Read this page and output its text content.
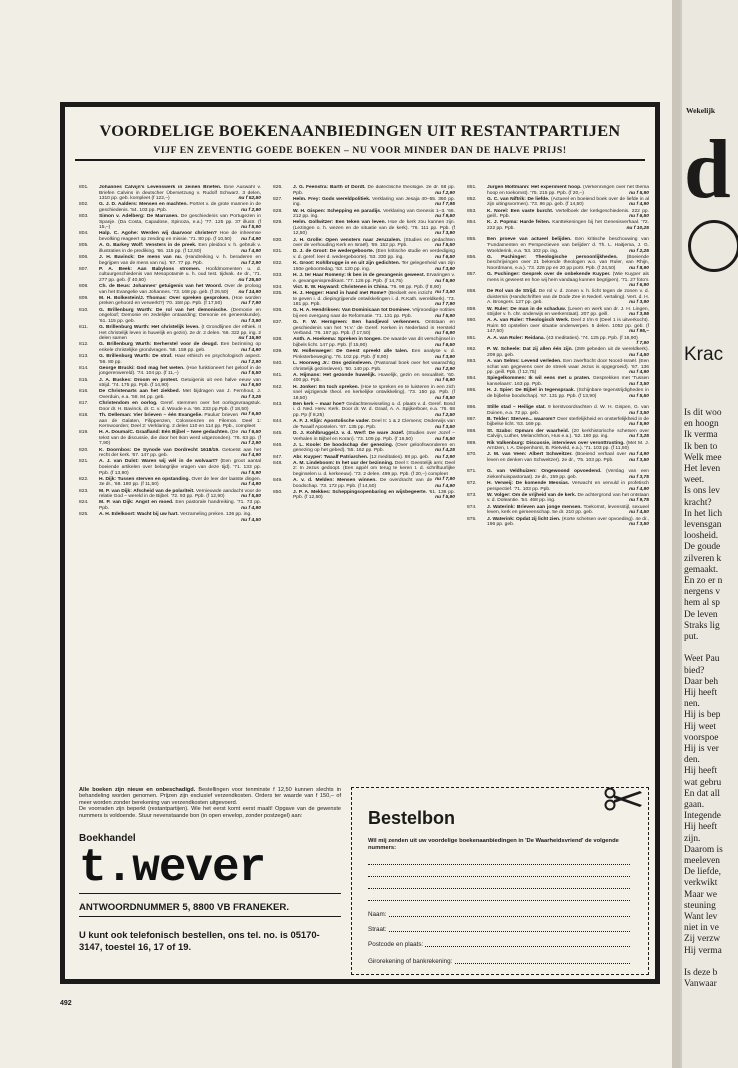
VOORDELIGE BOEKENAANBIEDINGEN UIT RESTANTPARTIJEN
VIJF EN ZEVENTIG GOEDE BOEKEN – NU VOOR MINDER DAN DE HALVE PRIJS!
801. Johannes Calvijn's Levenswerk in zeinen Briefen. Eine Auswahl v. Briefen Calvins in deutscher Übersetzung v. Rudolf Schwarz. 3 delen, 1310 pp. geb. kompleet (f 122,–)	nu f 52,50
802. G. J. D. Aalders: Mensen en machten. Portret v. de grote mannen in de geschiedenis. '54. 103 pp. Ppb.	nu f 2,90
803. Simon v. Adelberg: De Marranen. De geschiedenis van Portugezen in Spanje. (Da Costa, Capadose, Spinoza, e.a.) '77. 125 pp. 37 illustr. (f 15,–)	nu f 5,90
804. Halp. C. Agohe: Werden wij daarvoor christen? Hoe de inheemse bevolking reageert op zending en missie. '71. 80 pp. (f 10,50)	nu f 4,90
805. A. G. Barkey Wolf: Vensters in de preek. Een pleidooi v. h. gebruik v. illustraties in de prediking. '66. 115 pp. (f 12,50)	nu f 4,90
806. J. H. Bavinck: De mens van nu. (Handreiking v. h. beraderen en begrijpen van de mens van nu). '67. 77 pp. Ppb.	nu f 2,90
807. P. A. Beek: Aan Babylons stromen. Hoofdmomenten u. d. cultuurgeschiedenis van Mesopotamië u. h. oud test. tijdvak. 4e dr., '71. 277 pp. geb. (f 40,50)	nu f 25,50
808. Ch. de Beus: Johannes' getuigenis van het Woord. Over de proloog van het Evangelie van Johannes. '73. 168 pp. geb. (f 26,50)	nu f 14,90
809. M. H. Bolkestein/J. Thomas: Over spreken gesproken. (Hoe worden preken gehoord en verwerkt?) '70. 158 pp. Ppb. (f 17,50)	nu f 7,90
810. G. Brillenburg Wurth: De rol van het demonische. (Demonie en ongeloof; Demonie en zedelijke ontaarding; Demonie en geneeskunde). '61. 115 pp. geb.	nu f 3,90
811. G. Brillenburg Wurth: Het christelijk leven. (I Grondlijnen der ethiek. II Het christelijk leven in huwelijk en gezin). 2e dr. 2 delen. '66. 322 pp. ing. 2 delen samen	nu f 15,90
812. G. Brillenburg Wurth: Eerherstel voor de deugd. Een bezinning op enkele christelijke grondvragen. '58. 159 pp. geb.	nu f 4,90
813. G. Brillenburg Wurth: De straf. Haar ethisch en psychologisch aspect. '56. 80 pp.	nu f 2,90
814. George Brucki: God mag het weten. (Hoe funktioneert het geloof in de jongerenwereld). '74. 104 pp. (f 11,–)	nu f 5,50
815. J. A. Buskes: Droom en protest. Getuigenis uit een halve eeuw van strijd. '74. 175 pp. Ppb. (f 14,90)	nu f 6,50
816. De Christenarts aan het ziekbed. Met bijdragen van J. Fernhout, J. Overduin, e.a. '58. 84 pp. geb.	nu f 3,25
817. Christendom en oorlog. Geref. stemmen over het oorlogsvraagstuk. Door dr. H. Bavinck, dr. C. v. d. Woude e.a. '66. 233 pp.Ppb. (f 18,50)
nu f 6,50
818. Th. Delleman: Vier brieven – één Evangelie. Paulus' brieven aan de Galaten, Filippenzen, Colossenzen en Filemon. Deel 1: Kernwoorden; Deel 2: Verklaring. 2 delen 110 en 114 pp. Ppb., compleet
nu f 6,50
819. H. A. Douma/C. Graafland: Eén Bijbel – twee gedachten. (De tekst van de discussie, die door het Ikon werd uitgezonden). '76. 63 pp. (f 7,90)	nu f 2,90
820. K. Doornbos: De Synode van Dordrecht 1618/19. Getoetst aan het recht der kerk. '67. 147 pp. geb.	nu f 4,90
821. A. J. van Dulst: Waren wij wèl in de wolvaart? (Een groot aantal boeiende artikelen over belangrijke vragen van deze tijd). '71. 133 pp. Ppb. (f 13,90)	nu f 5,90
822. H. Dijk: Tussen sterven en opstanding. Over de leer der laatste dingen. 3e dr., '68. 180 pp. (f 11,50)	nu f 4,90
823. M. P. van Dijk: Afscheid van de polariteit. Vernieuwde aandacht voor de relatie God – wereld in de Bijbel. '72. 93 pp. Ppb. (f 12,90)	nu f 5,50
824. M. P. van Dijk: Angst en moed. Een pastorale handreiking. '71. 73 pp. Ppb.	nu f 4,90
825. A. H. Edelkoort: Wacht bij uw hart. Verzameling preken. 136 pp. ing.
nu f 4,50
826. J. G. Feenstra: Barth of Dordt. De dialectische theologie. 2e dr. 68 pp. Ppb.	nu f 2,90
827. Helm. Frey: Gods wereldpolitiek. Verklaring van Jesaja 40–55. 360 pp. ing.	nu f 7,95
828. W. H. Gispen: Schepping en paradijs. Verklaring van Genesis 1–3. '66. 212 pp. ing.	nu f 9,50
829. Helm. Gollwitzer: Een teken van leven. Hoe de kerk zou kunnen zijn. (Lezingen o. h. wezen en de situatie van de kerk). '76. 111 pp. Ppb. (f 12,50)	nu f 3,90
830. J. H. Grolle: Open vensters naar Jeruzalem. (Studies en gedachten over de verhouding Kerk en Israël). '69. 152 pp. Ppb.	nu f 5,50
831. D. J. de Groot: De wedergeboorte. (Een kritische studie en verdediging v. d. geref. leer d. wedergeboorte). '53. 330 pp. ing.	nu f 6,50
832. K. Groot: Kohlbrugge in en uit zijn gedichten. Ter gelegenheid van zijn 150e geboortedag. '53. 120 pp. ing.	nu f 3,90
833. H. J. ter Haar Romeny: Ik ben in de gevangenis geweest. Ervaringen v. e. gevangenispredikant. '77. 126 pp. Ppb. (f 14,75)	nu f 5,90
834. Vict. E. W. Hayward: Christenen in China. '76. 98 pp. Ppb. (f 8,90)
nu f 3,50
835. H. J. Hegger: Hand in hand met Rome? (Bedoelt een inzicht te geven i. d. diepingrijpende ontwikkelingen i. d. R.Kath. wereldkerk). '73. 181 pp. Ppb.	nu f 7,90
836. G. H. A. Hendriksen: Van Dominicaan tot Dominee. Vrijmoedige notities bij een overgang naar de Reformatie. '71. 131 pp. Ppb.	nu f 5,90
837. G. F. W. Herngreen: Een handjevol verkenners. Ontstaan en geschiedenis van het 'H.V.' de Geref. Kerken in Nederland in Hersteld Verband. '76. 167 pp. Ppb. (f 17,50)	nu f 6,90
838. Anth. A. Hoekema: Spreken in tongen. De waarde van dit verschijnsel in bijbels licht. 147 pp. Ppb. (f 15,90)	nu f 6,50
839. W. Hollenweger: De Geest spreekt alle talen. Een analyse v. d. Pinksterbeweging. '76. 102 pp. Ppb. (f 8,90)	nu f 3,90
840. L. Hoorweg Jr.: Ons gezinsleven. (Pastoraal boek over het waarachtig christelijk gezinsleven). '50. 140 pp. Ppb.	nu f 2,90
841. A. Hijmans: Het gezonde huwelijk. Huwelijk, gezin en sexualiteit. '60. 400 pp. Ppb.	nu f 6,90
842. H. Jonker: En toch spreken. (Hoe te spreken en te luisteren in een zich snel wijzigende theol. en kerkelijke ontwikkeling). '73. 150 pp. Ppb. (f 18,50)	nu f 8,50
843. Een kerk – maar hoe? Gedachtenwisseling o. d. plaats v. d. Geref. Bond i. d. Ned. Herv. Kerk. Door dr. W. d. Graaf, A. A. Spijkerboer, e.a. '76. 68 pp. Pp (f 8,25)	nu f 2,50
844. A. F. J. Klijn: Apostolische vader. Deel II: 1 & 2 Clemens; Onderwijs van de Twaalf Apostelen. '67. 135 pp. Ppb.	nu f 3,50
845. D. J. Kohlbrugge/J. v. d. Werf: De ware Jozef. (Studies over Jozef – Verhalen in Bijbel en Koran). '73. 109 pp. Ppb. (f 16,50)	nu f 5,50
846. J. L. Koole: De boodschap der genezing. (Over geloofswonderen en genezing op het gebed). '55. 162 pp. Ppb.	nu f 4,25
847. Abr. Kuyper: Twaalf Patriarchen. (12 meditaties). 88 pp. geb.	nu f 2,90
848. A. M. Lindeboom: In het uur der bezinning. Deel I: Geestelijk arm; Deel 2: In Jezus gedoopt. (Een appèl om terug te keren t. d. schriftuurlijke beginselen u. d. kerkeeuw). '73. 2 delen. 499 pp. Ppb. (f 20,–) compleet
nu f 7,90
849. A. v. d. Melden: Mensen winnen. De overdracht van de boodschap. '73. 172 pp. Ppb. (f 14,50)	nu f 4,90
850. J. P. A. Mekkes: Scheppingsopenbaring en wijsbegeerte. '61. 136 pp. Ppb. (f 12,50)	nu f 5,90
851. Jurgen Moltmann: Het experiment hoop. (Verkenningen over het thema hoop en toekomst). '75. 215 pp. Ppb. (f 20,–)	nu f 5,90
852. G. C. van Niftrik: De liefde. (Actueel en boeiend boek over de liefde in al zijn uitingsvormen). '73. 86 pp. geb. (f 14,50)	nu f 4,90
853. K. Norel: Een vaste burcht. Vertelboek der kerkgeschiedenis. 222 pp. geill.. Ppb.	nu f 6,50
854. K. J. Popma: Harde feiten. Kanttekeningen bij het Genesisverhaal. '72. 222 pp. Ppb.	nu f 10,25
855. Een proeve van actueel belijden. Een kritische beschouwing van 'Fundamenten en Perspectieven van belijden' d. Th. L. Haitjema, J. G. Woelderink, e.a. '53. 102 pp. ing.	nu f 2,25
856. G. Puchinger: Theologische persoonlijkheden. (Boeiende beschrijvingen over 21 bekende theologen w.o. van Ruler, van Rhijn, Noordmans, e.a.). '73. 226 pp en 20 pp portr. Ppb. (f 24,50)	nu f 8,90
857. G. Puchinger: Gesprek over de onbekende Kuyper. (Wie Kuyper als mens is geweest en hoe wij hem vandaag kunnen begrijpen). '71. 27 foto's
nu f 6,90
858. De Rol van de Strijd. De rol v. d. zonen v. h. licht tegen de zonen v. d. duisternis (Handschriften van de Dode Zee in Nederl. vertaling). Vert. d. H. A. Brongers. 127 pp. geb.	nu f 3,90
859. W. Ruler: De man in de schaduw. (Leven en werk van dr. J. H. Lingen, strijder v. h. chr. onderwijs en werkerstaat). 207 pp. geill.	nu f 3,95
860. A. A. van Ruler: Theologisch Werk. Deel 2 t/m 6 (Deel 1 is uitverkocht). Ruim 50 opstellen over situatie onderwerpen. 5 delen. 1052 pp. geb. (f 147,50)	nu f 95,–
861. A. A. van Ruler: Reidana. (43 meditaties). '74. 125 pp. Ppb. (f 16,90)
f 7,90
862. P. W. Scheele: Dat zij allen één zijn. (289 gebeden uit de wereldkerk). 209 pp. geb.	nu f 4,50
863. A. van Selms: Levend verleden. Een zwerftocht door Noord-Israël. (Een schat van gegevens over de streek waar Jezus is opgegroeid). '67. 136 pp. geill. Ppb. (f 12,75)	nu f 4,90
864. Spiegelkommen: Ik wil eens met u praten. Gesprekken met 'Tussen kanselaars'. 163 pp. Ppb.	nu f 3,50
865. H. J. Spier: De Bijbel in tegenspraak. (Schijnbare tegenstrijdigheden in de bijbelse boodschap). '67. 131 pp. Ppb. (f 13,90)	nu f 5,50
866. Stille stad – Heilige stat. 9 kerstvoordrachten d. W. H. Gispen, G. van Duinen, e.a. 72 pp. geb.	nu f 3,50
867. B. Telder: Sterven... waarom? Over sterfelijkheid en onsterfelijkheid in de bijbelse licht. '63. 169 pp.	nu f 5,90
868. St. Szabo: Opmars der waarheid. (20 kerkhistorische schetsen over Calvijn, Luther, Melanchthon, Hus e.a.). '52. 180 pp. ing.	nu f 3,25
869. Rik Valkenburg: Discussie, interviews over veronttrusting. (Met M. J. Arntzen, I. A. Diepenhorst, B. Rietveld, e.a.). '71. 103 pp. (f 11,50)
nu f 4,90
870. J. M. van Veen: Albert Schweitzer. (Boeiend verhaal over leven en denken van Schweitzer). 2e dr., '75. 103 pp. Ppb.	nu f 3,50
871. G. van Veldhuizen: Ongewoond opvoedend. (Verslag van een ziekenhuispastoraat). 2e dr., 159 pp. geb.	nu f 3,75
872. H. Verweij: De komende Messias. Verwacht en vervuld in profetisch perspectief. '71. 103 pp. Ppb.	nu f 4,90
873. W. Volger: Om de vrijheid van de kerk. De achtergrond van het ontstaan v. d. Doleantie. '54. 468 pp. ing.	nu f 9,75
874. J. Waterink: Brieven aan jonge mensen. Toekomst, levensstijl, sexueel leven, kerk en gemeenschap. 5e dr. 210 pp. geb.	nu f 4,50
875. J. Waterink: Opdat zij licht zien. (Korte schetsen over opvoeding). 4e dr., 196 pp. geb.	nu f 3,50
Alle boeken zijn nieuw en onbeschadigd. Bestellingen voor tenminste f 12,50 kunnen slechts in behandeling worden genomen. Prijzen zijn exclusief verzendkosten. Orders ter waarde van f 150,– of meer worden zonder berekening van verzendkosten uitgevoerd.
De voorraden zijn beperkt (restantpartijen). Wie het eerst komt eerst maalt! Opgave van de gewenste nummers is voldoende. Stuur nevenstaande bon (in open envelop, zonder postzegel) aan:
Boekhandel
t.wever
ANTWOORDNUMMER 5, 8800 VB FRANEKER.
U kunt ook telefonisch bestellen, ons tel. no. is 05170-3147, toestel 16, 17 of 19.
Bestelbon
Wil mij zenden uit uw voordelige boekenaanbiedingen in 'De Waarheidsvriend' de volgende nummers:
Naam:
Straat:
Postcode en plaats:
Girorekening of bankrekening:
492
Wekelijk
d
Krac
Is dit woo
en hoogn
Ik verma
Ik ben to
Welk mee
Het leven
weet.
Is ons lev
kracht?
In het lich
levensgan
loosheid.
De goude
zilveren k
gemaakt.
En zo er n
nergens v
hem al sp
De leven
Straks lig
put.
Weet Pau
bied?
Daar beh
Hij heeft
nen.
Hij is bep
Hij weet
voorspoe
Hij is ver
den.
Hij heeft
wat gebru
En dat all
gaan.
Integende
Hij heeft
zijn.
Daarom is
meeleven
De liefde,
verkwikt
Maar we
steuning
Want lev
niet in ve
Zij verzw
Hij verma
Is deze b
Vanwaar
